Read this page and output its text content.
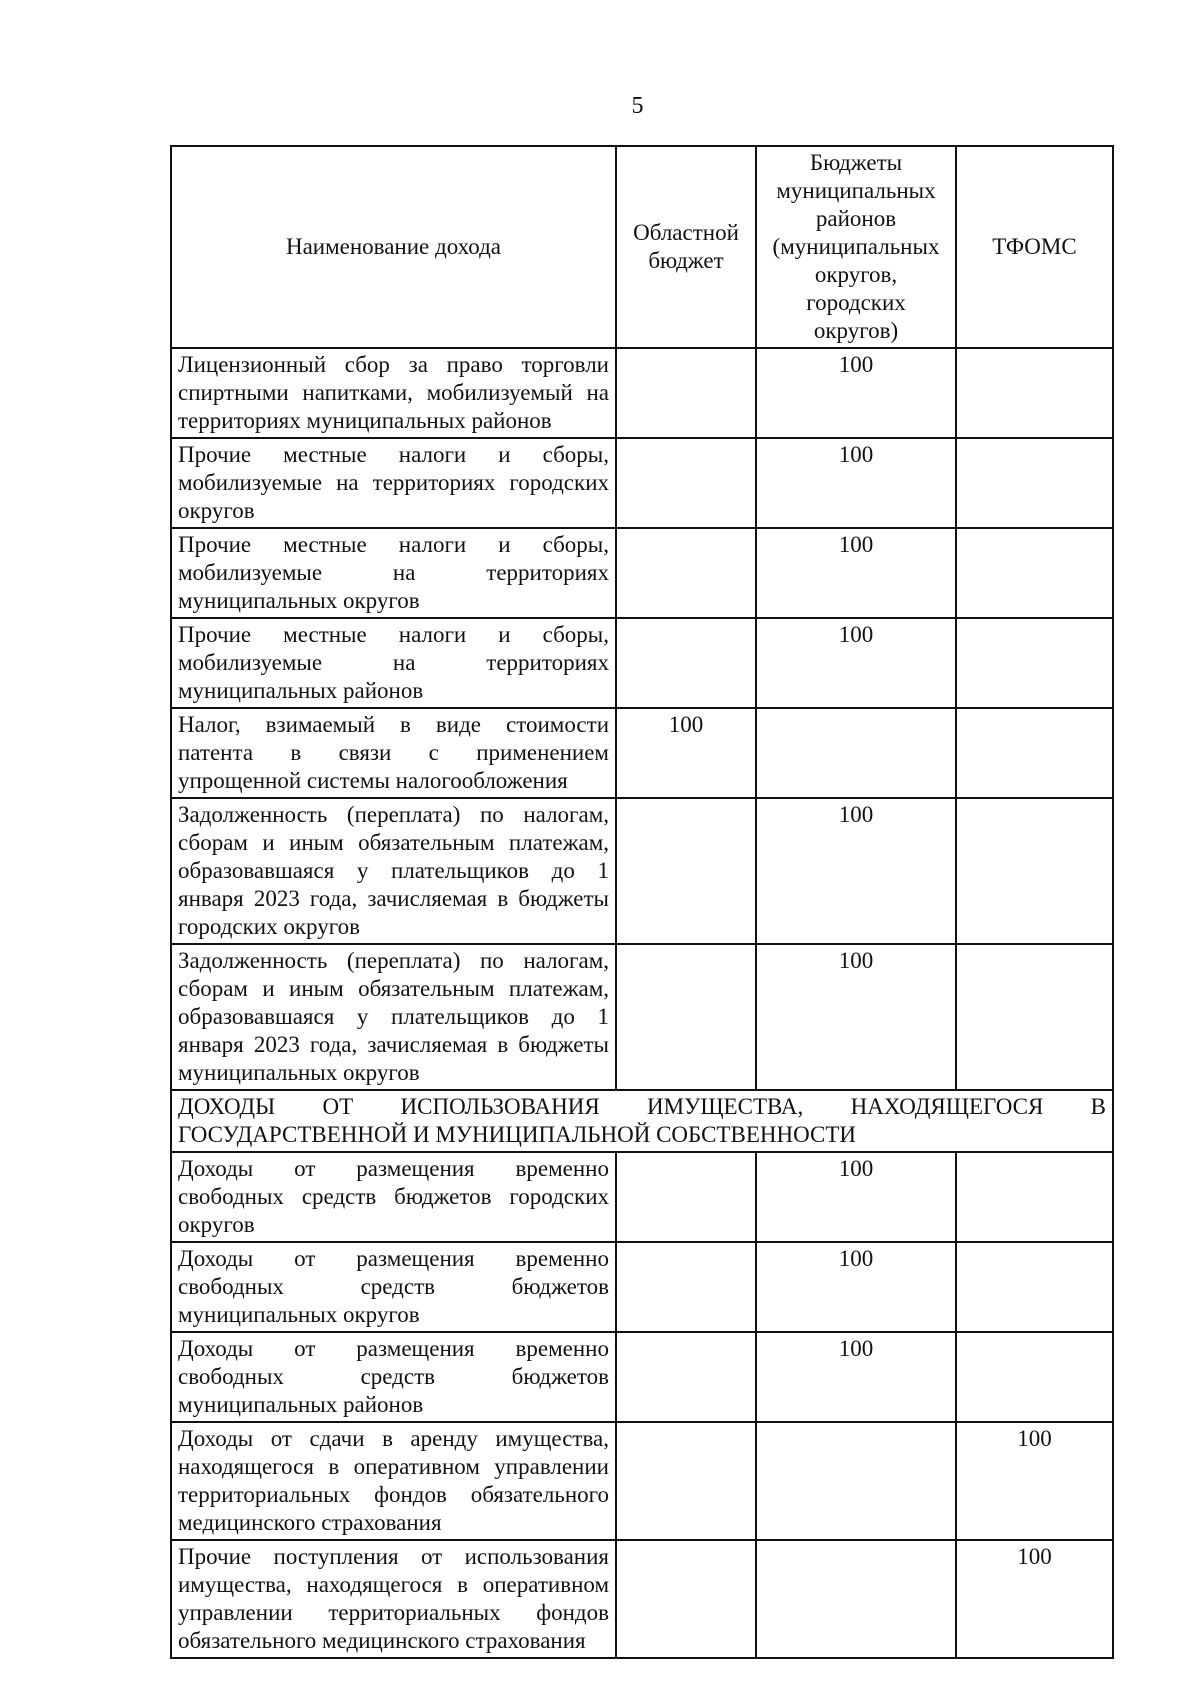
5
Наименование дохода	Областной бюджет	Бюджеты муниципальных районов (муниципальных округов, городских округов)	ТФОМС
Лицензионный сбор за право торговли спиртными напитками, мобилизуемый на территориях муниципальных районов		100	
Прочие местные налоги и сборы, мобилизуемые на территориях городских округов		100	
Прочие местные налоги и сборы, мобилизуемые на территориях муниципальных округов		100	
Прочие местные налоги и сборы, мобилизуемые на территориях муниципальных районов		100	
Налог, взимаемый в виде стоимости патента в связи с применением упрощенной системы налогообложения	100		
Задолженность (переплата) по налогам, сборам и иным обязательным платежам, образовавшаяся у плательщиков до 1 января 2023 года, зачисляемая в бюджеты городских округов		100	
Задолженность (переплата) по налогам, сборам и иным обязательным платежам, образовавшаяся у плательщиков до 1 января 2023 года, зачисляемая в бюджеты муниципальных округов		100	
ДОХОДЫ ОТ ИСПОЛЬЗОВАНИЯ ИМУЩЕСТВА, НАХОДЯЩЕГОСЯ В ГОСУДАРСТВЕННОЙ И МУНИЦИПАЛЬНОЙ СОБСТВЕННОСТИ			
Доходы от размещения временно свободных средств бюджетов городских округов		100	
Доходы от размещения временно свободных средств бюджетов муниципальных округов		100	
Доходы от размещения временно свободных средств бюджетов муниципальных районов		100	
Доходы от сдачи в аренду имущества, находящегося в оперативном управлении территориальных фондов обязательного медицинского страхования			100
Прочие поступления от использования имущества, находящегося в оперативном управлении территориальных фондов обязательного медицинского страхования			100
